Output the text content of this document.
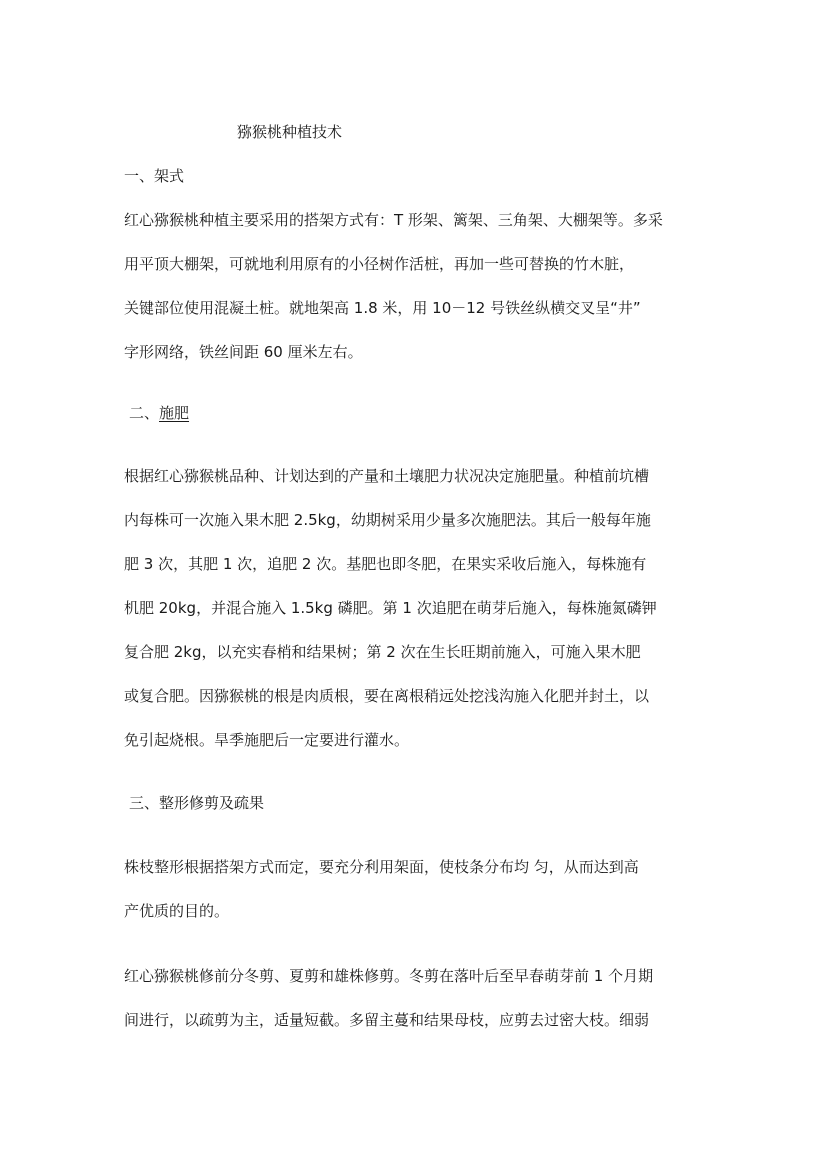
猕猴桃种植技术
一、架式
红心猕猴桃种植主要采用的搭架方式有：T 形架、篱架、三角架、大棚架等。多采
用平顶大棚架，可就地利用原有的小径树作活桩，再加一些可替换的竹木脏，
关键部位使用混凝土桩。就地架高 1.8 米，用 10－12 号铁丝纵横交叉呈“井”
字形网络，铁丝间距 60 厘米左右。
二、施肥
根据红心猕猴桃品种、计划达到的产量和土壤肥力状况决定施肥量。种植前坑槽
内每株可一次施入果木肥 2.5kg，幼期树采用少量多次施肥法。其后一般每年施
肥 3 次，其肥 1 次，追肥 2 次。基肥也即冬肥，在果实采收后施入，每株施有
机肥 20kg，并混合施入 1.5kg 磷肥。第 1 次追肥在萌芽后施入，每株施氮磷钾
复合肥 2kg，以充实春梢和结果树；第 2 次在生长旺期前施入，可施入果木肥
或复合肥。因猕猴桃的根是肉质根，要在离根稍远处挖浅沟施入化肥并封土，以
免引起烧根。旱季施肥后一定要进行灌水。
三、整形修剪及疏果
株枝整形根据搭架方式而定，要充分利用架面，使枝条分布均 匀，从而达到高
产优质的目的。
红心猕猴桃修前分冬剪、夏剪和雄株修剪。冬剪在落叶后至早春萌芽前 1 个月期
间进行，以疏剪为主，适量短截。多留主蔓和结果母枝，应剪去过密大枝。细弱
